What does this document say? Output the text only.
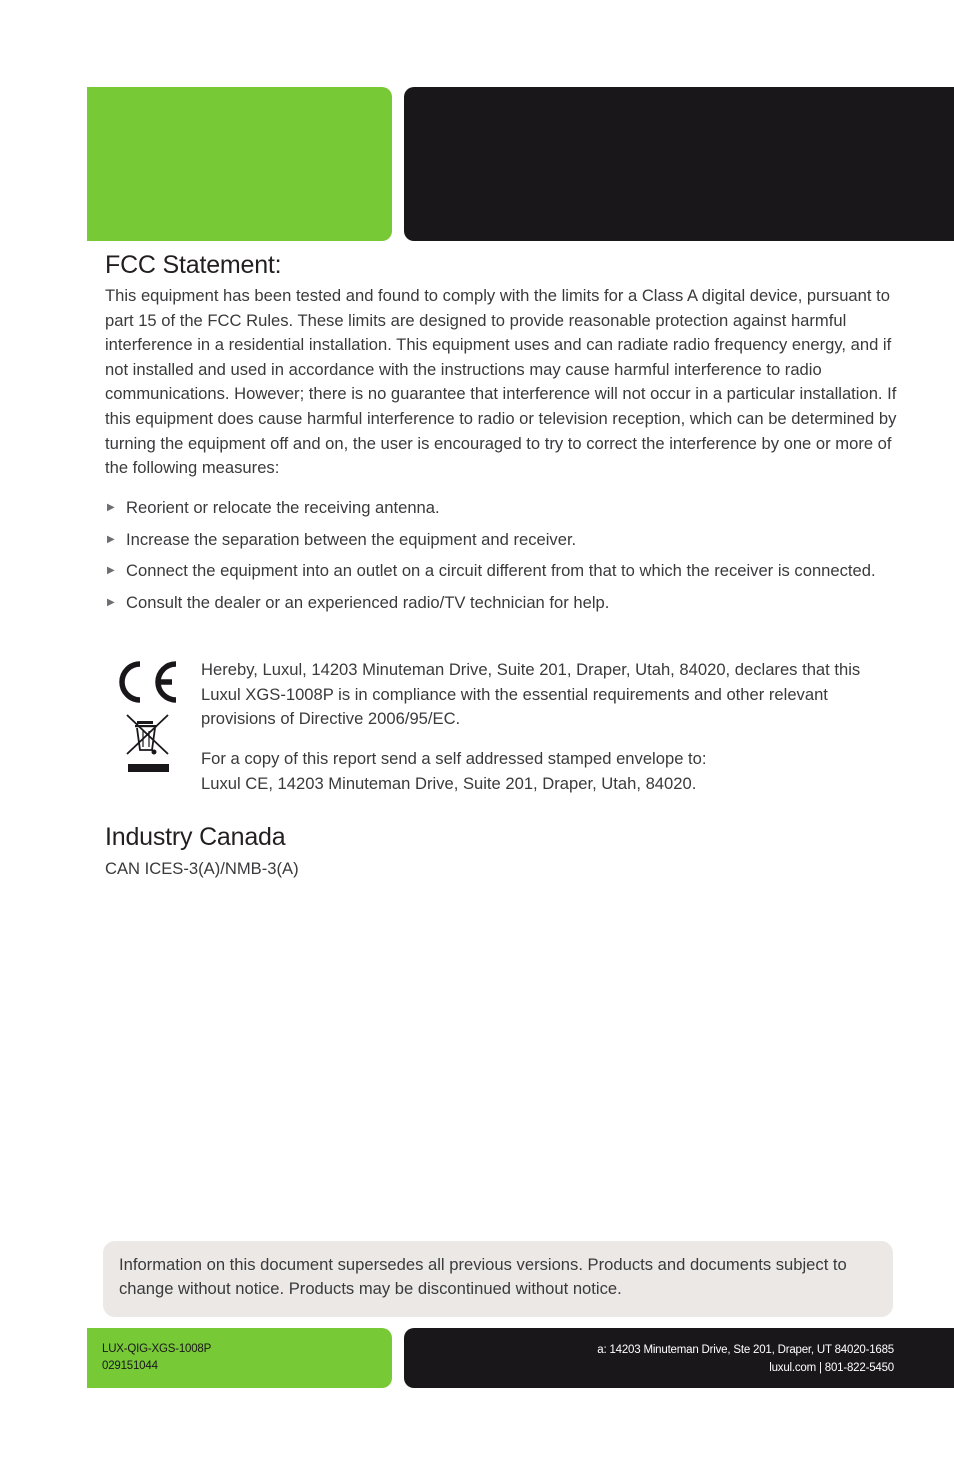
FCC Statement:

This equipment has been tested and found to comply with the limits for a Class A digital device, pursuant to part 15 of the FCC Rules. These limits are designed to provide reasonable protection against harmful interference in a residential installation. This equipment uses and can radiate radio frequency energy, and if not installed and used in accordance with the instructions may cause harmful interference to radio communications. However; there is no guarantee that interference will not occur in a particular installation. If this equipment does cause harmful interference to radio or television reception, which can be determined by turning the equipment off and on, the user is encouraged to try to correct the interference by one or more of the following measures:

▶ Reorient or relocate the receiving antenna.
▶ Increase the separation between the equipment and receiver.
▶ Connect the equipment into an outlet on a circuit different from that to which the receiver is connected.
▶ Consult the dealer or an experienced radio/TV technician for help.

Hereby, Luxul, 14203 Minuteman Drive, Suite 201, Draper, Utah, 84020, declares that this Luxul XGS-1008P is in compliance with the essential requirements and other relevant provisions of Directive 2006/95/EC.

For a copy of this report send a self addressed stamped envelope to:
Luxul CE, 14203 Minuteman Drive, Suite 201, Draper, Utah, 84020.

Industry Canada

CAN ICES-3(A)/NMB-3(A)

Information on this document supersedes all previous versions. Products and documents subject to change without notice. Products may be discontinued without notice.

LUX-QIG-XGS-1008P
029151044
a: 14203 Minuteman Drive, Ste 201, Draper, UT 84020-1685
luxul.com | 801-822-5450
